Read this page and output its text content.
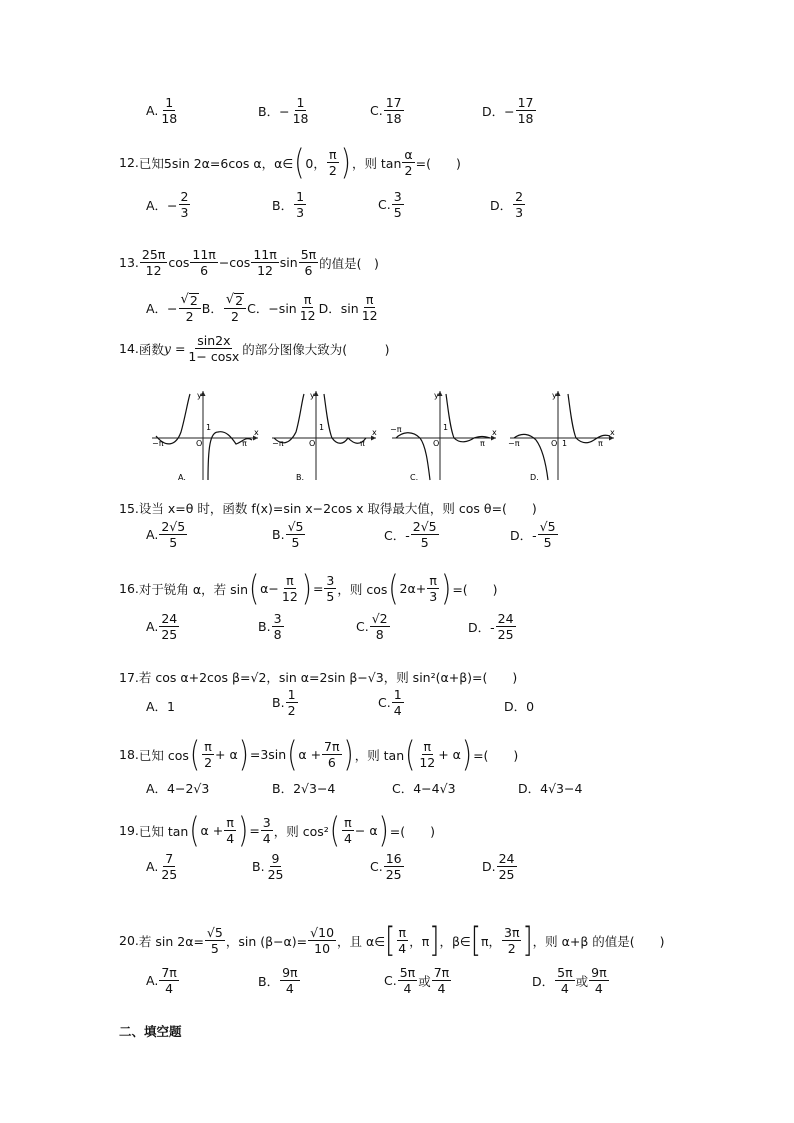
A. $\frac{1}{18}$	B．− $\frac{1}{18}$	C. $\frac{17}{18}$	D．− $\frac{17}{18}$
12. 已知5sin 2α=6cos α，α∈ ( 0， $\frac{\pi}{2}$ ) ，则 $\tan \frac{\alpha}{2}$ =(　　)
A．− $\frac{2}{3}$	B． $\frac{1}{3}$	C. $\frac{3}{5}$	D． $\frac{2}{3}$
13. $\frac{25\pi}{12}$ $\cos \frac{11\pi}{6} -\cos \frac{11\pi}{12}$ $\sin \frac{5\pi}{6}$ 的值是(　)
A．− $\frac{√ 2}{2}$ B． $\frac{√ 2}{2}$ C．$-\sin \frac{\pi}{12}$ D．$\sin \frac{\pi}{12}$
14. 函数 $y = \frac{\sin 2x}{1- \cos x}$ 的部分图像大致为(　　　)
y
x
O
1
−π	π
A.
y
x
O
1
−π	π
B.
y
x
O
1
−π
π
C.
y
x
O 1
−π	π
D.
15.设当 x=θ 时，函数 f(x)=sin x−2cos x 取得最大值，则 cos θ=(　　)
A. $\frac{2√5}{5}$	B. $\frac{√5}{5}$	C．- $\frac{2√5}{5}$	D．- $\frac{√5}{5}$
16. 对于锐角 α，若 sin ( $\alpha- \frac{\pi}{12}$ ) = $\frac{3}{5}$ ，则 cos ( $2\alpha+ \frac{\pi}{3}$ ) =(　　)
A. $\frac{24}{25}$	B. $\frac{3}{8}$	C. $\frac{√2}{8}$	D．- $\frac{24}{25}$
17.若 cos α+2cos β=√2，sin α=2sin β−√3，则 sin²(α+β)=(　　)
A．1	B. $\frac{1}{2}$	C. $\frac{1}{4}$	D．0
18. 已知 cos ( $\frac{\pi}{2} + \alpha$ ) =3sin ( $\alpha + \frac{7\pi}{6}$ ) ，则 tan ( $\frac{\pi}{12} + \alpha$ ) =(　　)
A．4−2√3	B．2√3−4	C．4−4√3	D．4√3−4
19. 已知 tan ( $\alpha + \frac{\pi}{4}$ ) = $\frac{3}{4}$ ，则 cos² ( $\frac{\pi}{4} - \alpha$ ) =(　　)
A. $\frac{7}{25}$	B. $\frac{9}{25}$	C. $\frac{16}{25}$	D. $\frac{24}{25}$
20. 若 $\sin 2\alpha= \frac{√5}{5}$ ，$\sin (\beta-\alpha)= \frac{√10}{10}$ ，且 α∈ [ $\frac{\pi}{4}$ ，π ] ，β∈ [ π， $\frac{3\pi}{2}$ ] ，则 α+β 的值是(　　)
A. $\frac{7\pi}{4}$	B． $\frac{9\pi}{4}$	C. $\frac{5\pi}{4}$ 或 $\frac{7\pi}{4}$	D． $\frac{5\pi}{4}$ 或 $\frac{9\pi}{4}$
二、填空题
